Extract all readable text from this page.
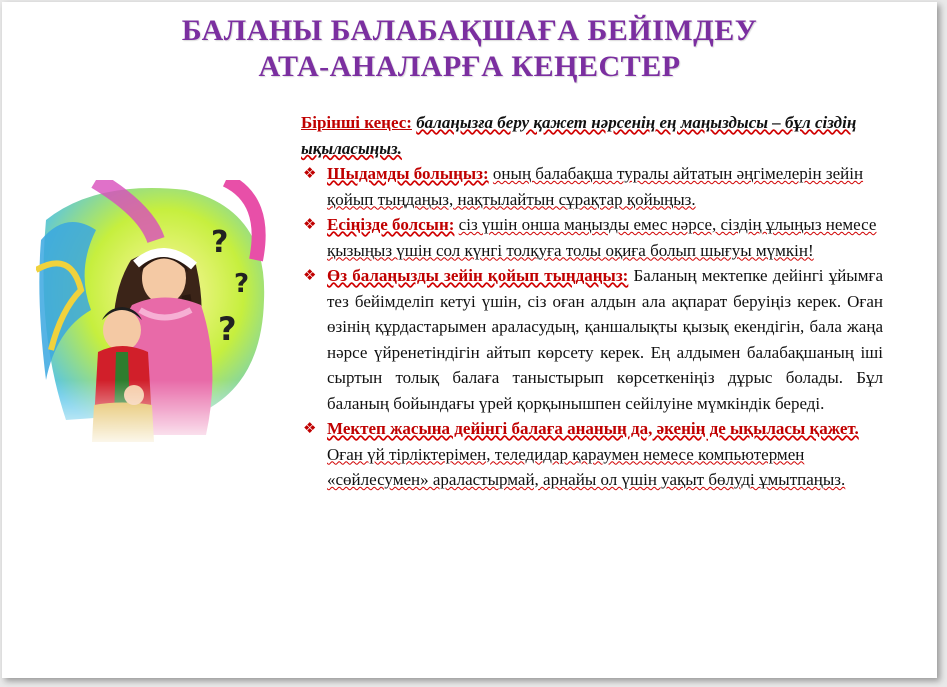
БАЛАНЫ БАЛАБАҚШАҒА БЕЙІМДЕУ
АТА-АНАЛАРҒА КЕҢЕСТЕР
?
?
?

Бірінші кеңес: балаңызға беру қажет нәрсенің ең маңыздысы – бұл сіздің ықыласыңыз.

❖ Шыдамды болыңыз: оның балабақша туралы айтатын әңгімелерін зейін қойып тыңдаңыз, нақтылайтын сұрақтар қойыңыз.
❖ Есіңізде болсын: сіз үшін онша маңызды емес нәрсе, сіздің ұлыңыз немесе қызыңыз үшін сол күнгі толқуға толы оқиға болып шығуы мүмкін!
❖ Өз балаңызды зейін қойып тыңдаңыз: Баланың мектепке дейінгі ұйымға тез бейімделіп кетуі үшін, сіз оған алдын ала ақпарат беруіңіз керек. Оған өзінің құрдастарымен араласудың, қаншалықты қызық екендігін, бала жаңа нәрсе үйренетіндігін айтып көрсету керек. Ең алдымен балабақшаның іші сыртын толық балаға таныстырып көрсеткеніңіз дұрыс болады. Бұл баланың бойындағы үрей қорқынышпен сейілуіне мүмкіндік береді.
❖ Мектеп жасына дейінгі балаға ананың да, әкенің де ықыласы қажет. Оған үй тірліктерімен, теледидар қараумен немесе компьютермен «сөйлесумен» араластырмай, арнайы ол үшін уақыт бөлуді ұмытпаңыз.
